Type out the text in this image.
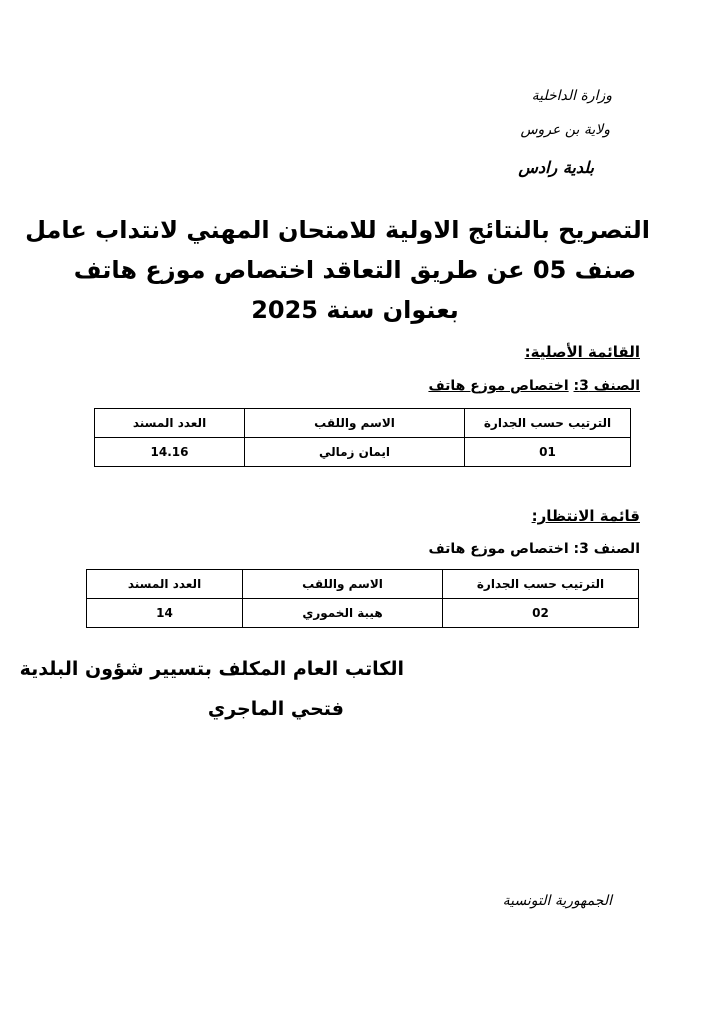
وزارة الداخلية
ولاية بن عروس
بلدية رادس
التصريح بالنتائج الاولية للامتحان المهني لانتداب عامل
صنف 05 عن طريق التعاقد اختصاص موزع هاتف
بعنوان سنة 2025
القائمة الأصلية:
الصنف 3: اختصاص موزع هاتف
الترتيب حسب الجدارة	الاسم واللقب	العدد المسند
01	ايمان زمالي	14.16
قائمة الانتظار:
الصنف 3: اختصاص موزع هاتف
الترتيب حسب الجدارة	الاسم واللقب	العدد المسند
02	هيبة الخموري	14
الكاتب العام المكلف بتسيير شؤون البلدية
فتحي الماجري
الجمهورية التونسية
